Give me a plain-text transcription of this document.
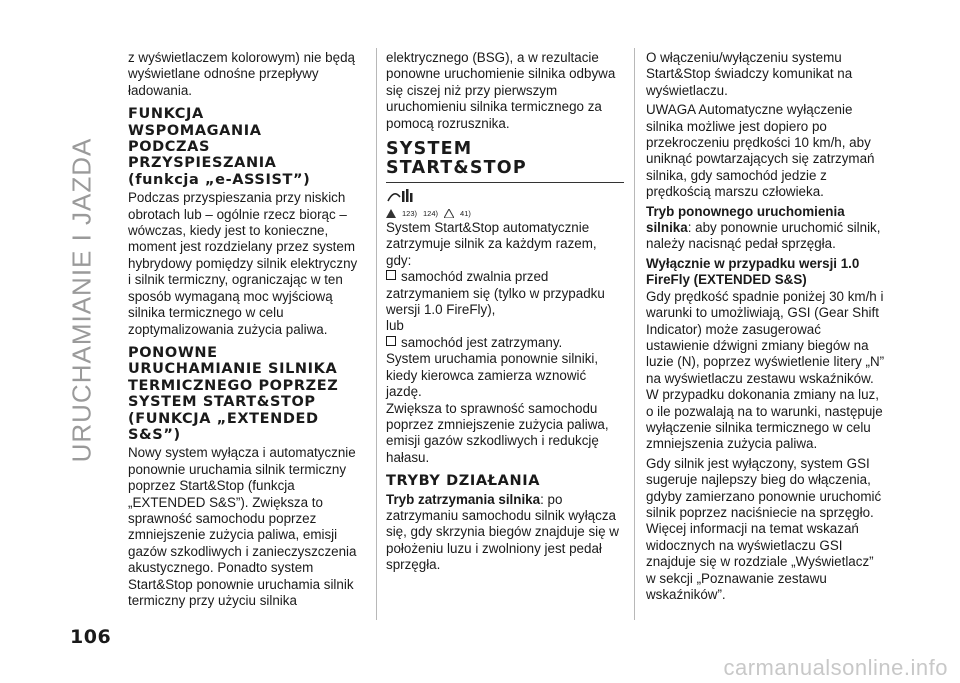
URUCHAMIANIE I JAZDA

z wyświetlaczem kolorowym) nie będą wyświetlane odnośne przepływy ładowania.

FUNKCJA
WSPOMAGANIA
PODCZAS
PRZYSPIESZANIA
(funkcja „e-ASSIST”)

Podczas przyspieszania przy niskich obrotach lub – ogólnie rzecz biorąc – wówczas, kiedy jest to konieczne, moment jest rozdzielany przez system hybrydowy pomiędzy silnik elektryczny i silnik termiczny, ograniczając w ten sposób wymaganą moc wyjściową silnika termicznego w celu zoptymalizowania zużycia paliwa.

PONOWNE
URUCHAMIANIE SILNIKA
TERMICZNEGO POPRZEZ
SYSTEM START&STOP
(FUNKCJA „EXTENDED
S&S”)

Nowy system wyłącza i automatycznie ponownie uruchamia silnik termiczny poprzez Start&Stop (funkcja „EXTENDED S&S”). Zwiększa to sprawność samochodu poprzez zmniejszenie zużycia paliwa, emisji gazów szkodliwych i zanieczyszczenia akustycznego. Ponadto system Start&Stop ponownie uruchamia silnik termiczny przy użyciu silnika

elektrycznego (BSG), a w rezultacie ponowne uruchomienie silnika odbywa się ciszej niż przy pierwszym uruchomieniu silnika termicznego za pomocą rozrusznika.

SYSTEM
START&STOP
123) 124)	41)

System Start&Stop automatycznie zatrzymuje silnik za każdym razem, gdy:

samochód zwalnia przed zatrzymaniem się (tylko w przypadku wersji 1.0 FireFly),

lub

samochód jest zatrzymany.

System uruchamia ponownie silniki, kiedy kierowca zamierza wznowić jazdę.

Zwiększa to sprawność samochodu poprzez zmniejszenie zużycia paliwa, emisji gazów szkodliwych i redukcję hałasu.

TRYBY DZIAŁANIA

Tryb zatrzymania silnika: po zatrzymaniu samochodu silnik wyłącza się, gdy skrzynia biegów znajduje się w położeniu luzu i zwolniony jest pedał sprzęgła.

O włączeniu/wyłączeniu systemu Start&Stop świadczy komunikat na wyświetlaczu.

UWAGA Automatyczne wyłączenie silnika możliwe jest dopiero po przekroczeniu prędkości 10 km/h, aby uniknąć powtarzających się zatrzymań silnika, gdy samochód jedzie z prędkością marszu człowieka.

Tryb ponownego uruchomienia silnika: aby ponownie uruchomić silnik, należy nacisnąć pedał sprzęgła.

Wyłącznie w przypadku wersji 1.0 FireFly (EXTENDED S&S)

Gdy prędkość spadnie poniżej 30 km/h i warunki to umożliwiają, GSI (Gear Shift Indicator) może zasugerować ustawienie dźwigni zmiany biegów na luzie (N), poprzez wyświetlenie litery „N” na wyświetlaczu zestawu wskaźników. W przypadku dokonania zmiany na luz, o ile pozwalają na to warunki, następuje wyłączenie silnika termicznego w celu zmniejszenia zużycia paliwa.

Gdy silnik jest wyłączony, system GSI sugeruje najlepszy bieg do włączenia, gdyby zamierzano ponownie uruchomić silnik poprzez naciśniecie na sprzęgło. Więcej informacji na temat wskazań widocznych na wyświetlaczu GSI znajduje się w rozdziale „Wyświetlacz” w sekcji „Poznawanie zestawu wskaźników”.

106
carmanualsonline.info
